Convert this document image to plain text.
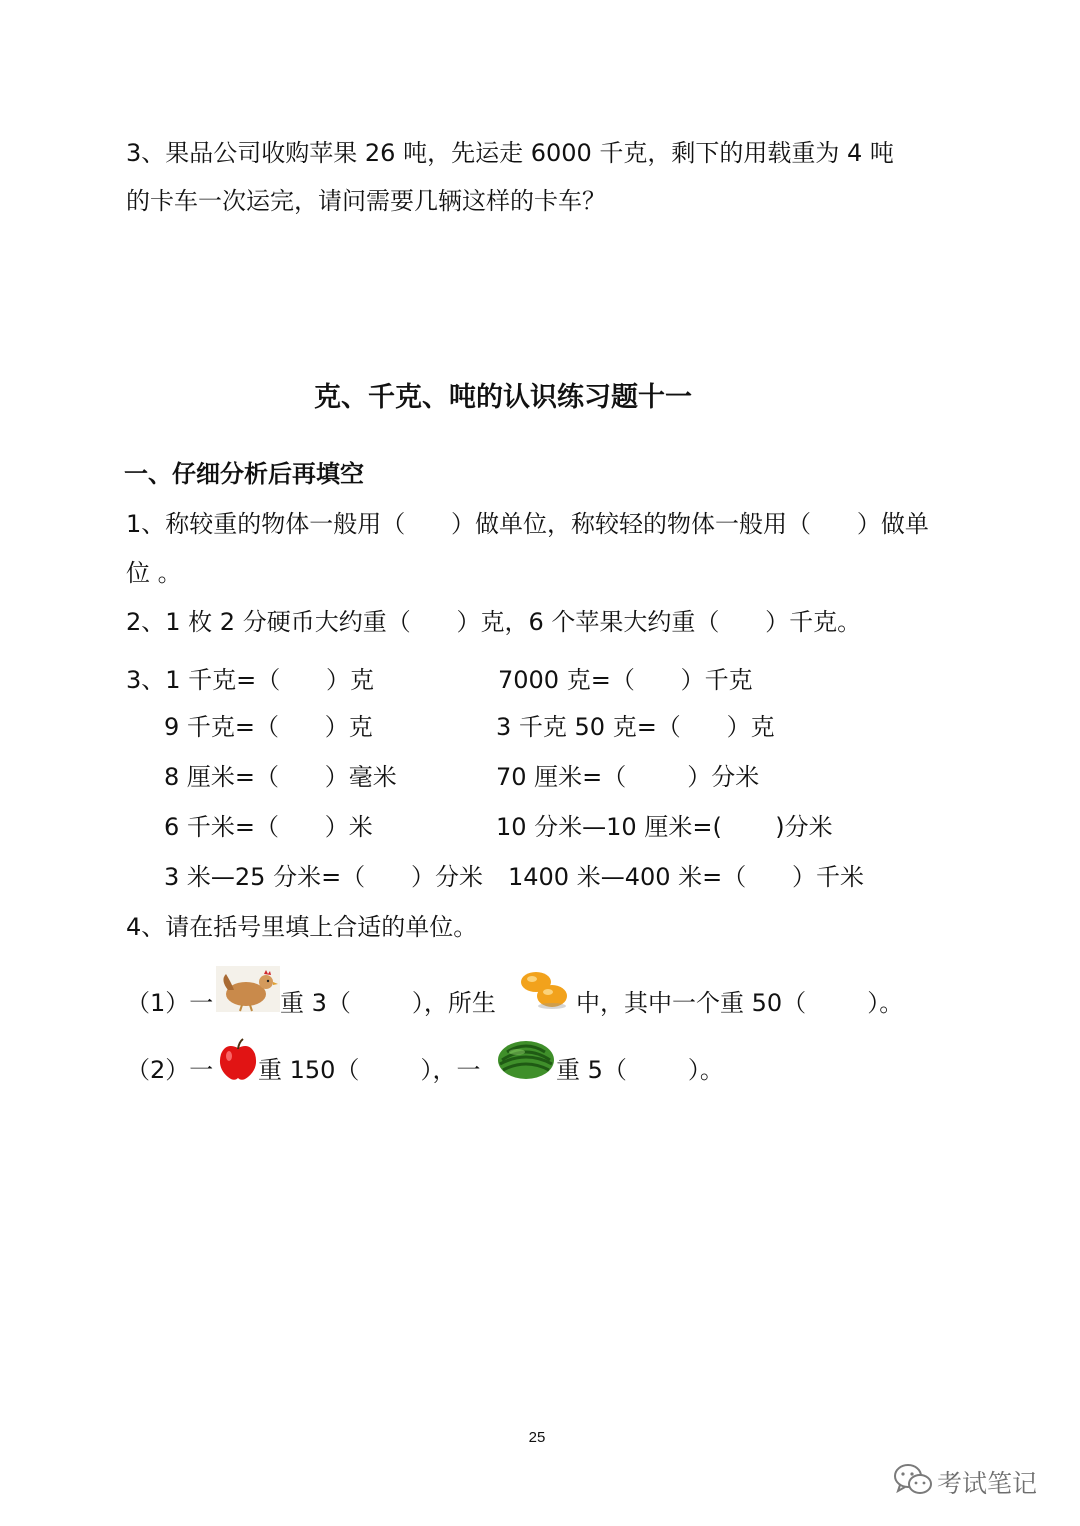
3、果品公司收购苹果 26 吨，先运走 6000 千克，剩下的用载重为 4 吨
的卡车一次运完，请问需要几辆这样的卡车？
克、千克、吨的认识练习题十一
一、仔细分析后再填空
1、称较重的物体一般用（      ）做单位，称较轻的物体一般用（      ）做单
位 。
2、1 枚 2 分硬币大约重（      ）克，6 个苹果大约重（      ）千克。
3、1 千克=（      ）克	7000 克=（      ）千克
9 千克=（      ）克	3 千克 50 克=（      ）克
8 厘米=（      ）毫米	70 厘米=（        ）分米
6 千米=（      ）米	10 分米—10 厘米=(       )分米
3 米—25 分米=（      ）分米 1400 米—400 米=（      ）千米
4、请在括号里填上合适的单位。
（1）一	重 3（        ），所生	中，其中一个重 50（        ）。
（2）一 重 150（        ），一	重 5（        ）。
25
考试笔记
